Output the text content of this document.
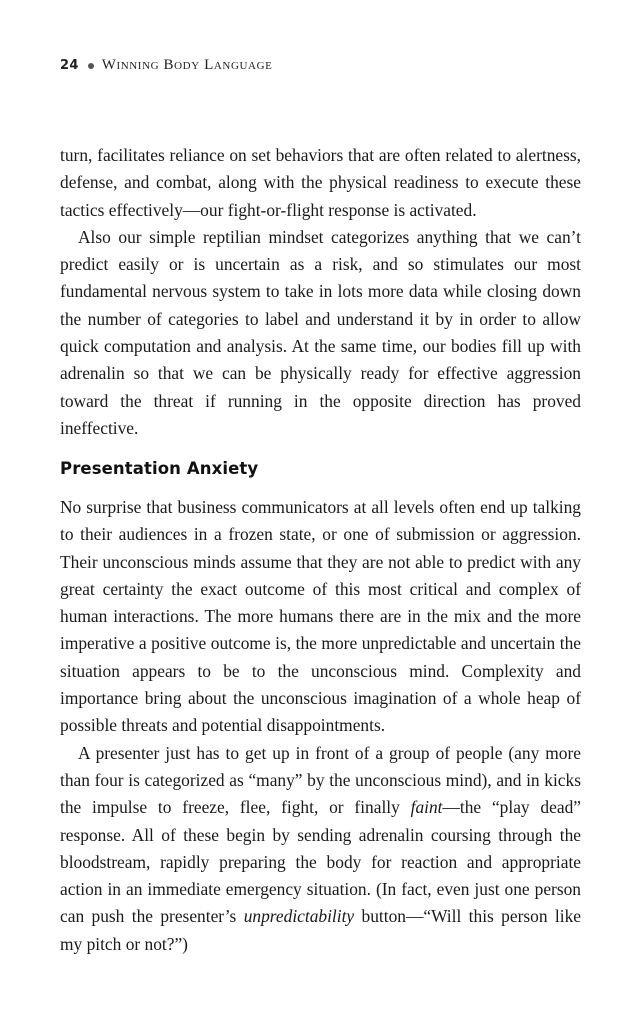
24 Winning Body Language

turn, facilitates reliance on set behaviors that are often related to alertness, defense, and combat, along with the physical readiness to execute these tactics effectively—our fight-or-flight response is activated.

Also our simple reptilian mindset categorizes anything that we can’t predict easily or is uncertain as a risk, and so stimulates our most fundamental nervous system to take in lots more data while closing down the number of categories to label and understand it by in order to allow quick computation and analysis. At the same time, our bodies fill up with adrenalin so that we can be physically ready for effective aggression toward the threat if running in the opposite direction has proved ineffective.

Presentation Anxiety

No surprise that business communicators at all levels often end up talking to their audiences in a frozen state, or one of submission or aggression. Their unconscious minds assume that they are not able to predict with any great certainty the exact outcome of this most critical and complex of human interactions. The more humans there are in the mix and the more imperative a positive outcome is, the more unpredictable and uncertain the situation appears to be to the unconscious mind. Complexity and importance bring about the unconscious imagination of a whole heap of possible threats and potential disappointments.

A presenter just has to get up in front of a group of people (any more than four is categorized as “many” by the unconscious mind), and in kicks the impulse to freeze, flee, fight, or finally faint—the “play dead” response. All of these begin by sending adrenalin coursing through the bloodstream, rapidly preparing the body for reaction and appropriate action in an immediate emergency situation. (In fact, even just one person can push the presenter’s unpredictability button—“Will this person like my pitch or not?”)
